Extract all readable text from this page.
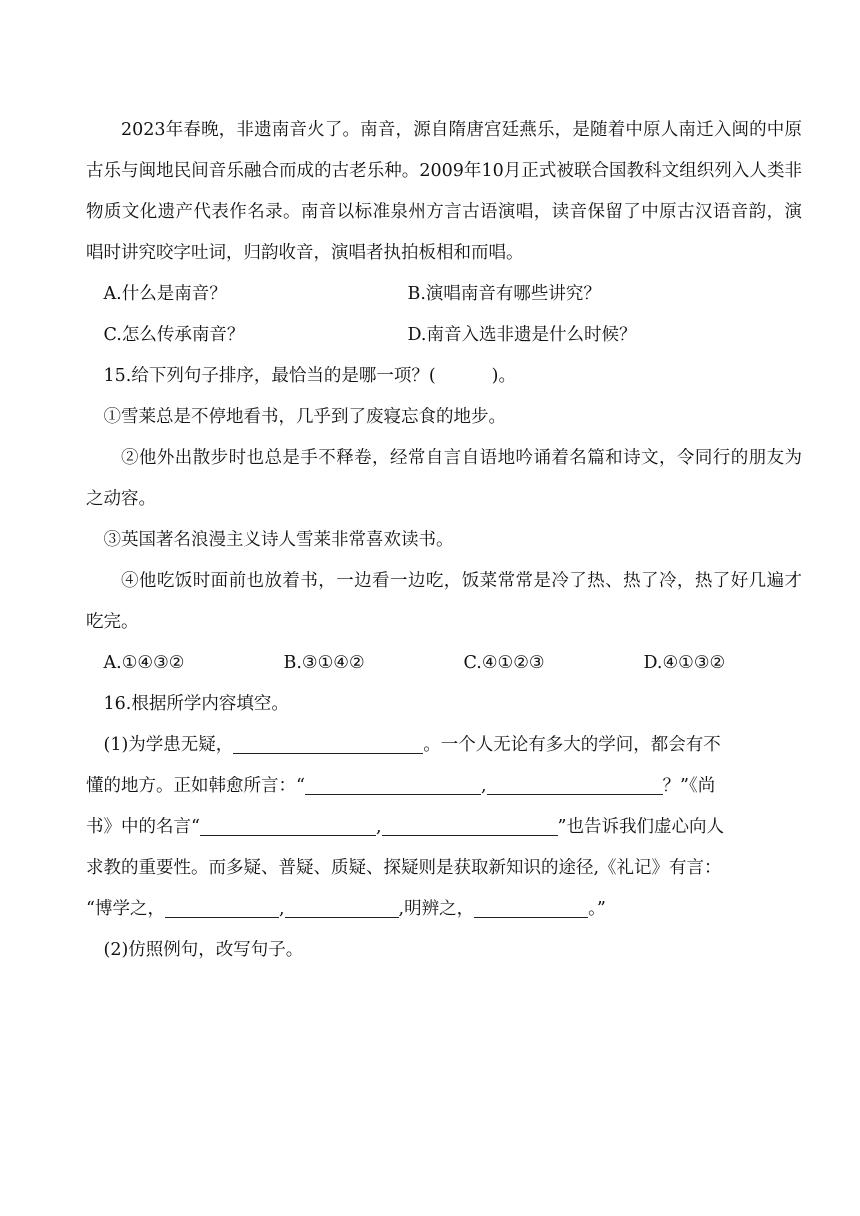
2023年春晚，非遗南音火了。南音，源自隋唐宫廷燕乐，是随着中原人南迁入闽的中原古乐与闽地民间音乐融合而成的古老乐种。2009年10月正式被联合国教科文组织列入人类非物质文化遗产代表作名录。南音以标准泉州方言古语演唱，读音保留了中原古汉语音韵，演唱时讲究咬字吐词，归韵收音，演唱者执拍板相和而唱。

A.什么是南音？	B.演唱南音有哪些讲究？
C.怎么传承南音？	D.南音入选非遗是什么时候？

15.给下列句子排序，最恰当的是哪一项？(	)。

①雪莱总是不停地看书，几乎到了废寝忘食的地步。

②他外出散步时也总是手不释卷，经常自言自语地吟诵着名篇和诗文，令同行的朋友为之动容。

③英国著名浪漫主义诗人雪莱非常喜欢读书。

④他吃饭时面前也放着书，一边看一边吃，饭菜常常是冷了热、热了冷，热了好几遍才吃完。

A.①④③②	B.③①④②	C.④①②③	D.④①③②

16.根据所学内容填空。

(1)为学患无疑，	。一个人无论有多大的学问，都会有不

懂的地方。正如韩愈所言：“	,	？”《尚

书》中的名言“	,	”也告诉我们虚心向人

求教的重要性。而多疑、普疑、质疑、探疑则是获取新知识的途径,《礼记》有言：

“博学之，	,	,明辨之，	。”

(2)仿照例句，改写句子。
